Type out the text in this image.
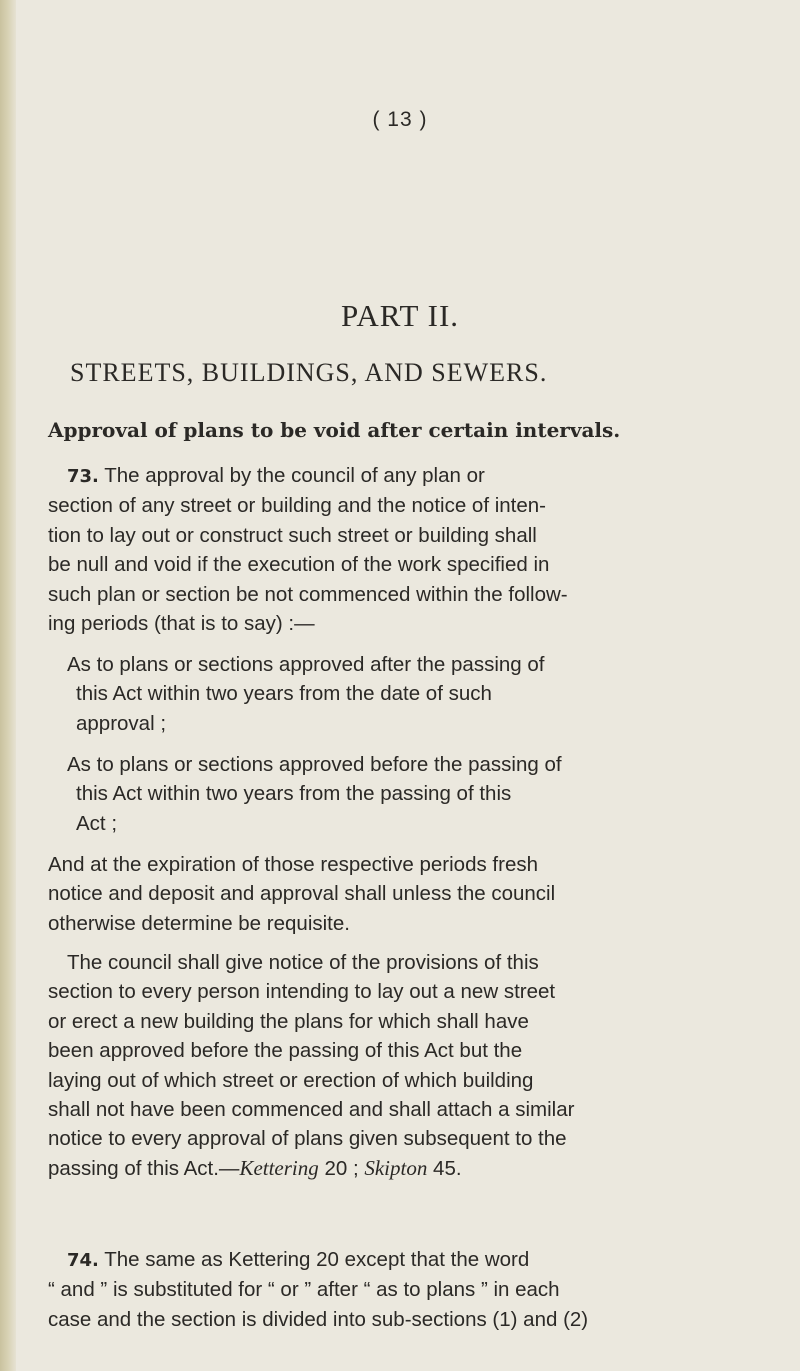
( 13 )
PART II.
STREETS, BUILDINGS, AND SEWERS.
Approval of plans to be void after certain intervals.
73. The approval by the council of any plan or
section of any street or building and the notice of inten-
tion to lay out or construct such street or building shall
be null and void if the execution of the work specified in
such plan or section be not commenced within the follow-
ing periods (that is to say) :—
As to plans or sections approved after the passing of
this Act within two years from the date of such
approval ;
As to plans or sections approved before the passing of
this Act within two years from the passing of this
Act ;
And at the expiration of those respective periods fresh
notice and deposit and approval shall unless the council
otherwise determine be requisite.
The council shall give notice of the provisions of this
section to every person intending to lay out a new street
or erect a new building the plans for which shall have
been approved before the passing of this Act but the
laying out of which street or erection of which building
shall not have been commenced and shall attach a similar
notice to every approval of plans given subsequent to the
passing of this Act.—Kettering 20 ; Skipton 45.
74. The same as Kettering 20 except that the word
“ and ” is substituted for “ or ” after “ as to plans ” in each
case and the section is divided into sub-sections (1) and (2)
